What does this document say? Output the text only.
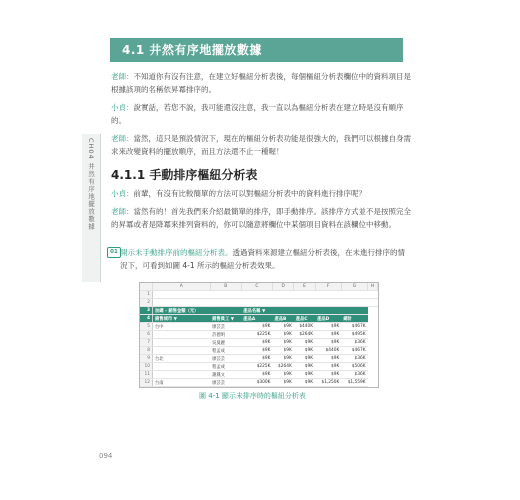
4.1 井然有序地擺放數據
CH04 井然有序地擺放數據
老師：不知道你有沒有注意，在建立好樞紐分析表後，每個樞紐分析表欄位中的資料項目是根據該項的名稱依昇冪排序的。
小貞：說實話，若您不說，我可能還沒注意，我一直以為樞紐分析表在建立時是沒有順序的。
老師：當然，這只是預設情況下，現在的樞紐分析表功能是很強大的，我們可以根據自身需求來改變資料的擺放順序，而且方法還不止一種喔！
4.1.1 手動排序樞紐分析表
小貞：前輩，有沒有比較簡單的方法可以對樞紐分析表中的資料進行排序呢？
老師：當然有的！首先我們來介紹最簡單的排序，即手動排序。該排序方式並不是按照完全的昇冪或者是降冪來排列資料的，你可以隨意將欄位中某個項目資料在該欄位中移動。
01 開示未手動排序前的樞紐分析表。透過資料來源建立樞紐分析表後，在未進行排序的情況下，可看到如圖 4-1 所示的樞紐分析表效果。
	A	B	C	D	E	F	G	H
1								
2								
3	加總 - 銷售金額（元）		產品名稱 ▼					
4	銷售城市 ▼	銷售員工 ▼	產品A	產品B	產品C	產品D	總計	
5	台中	廖芸芸	$9K	$9K	$440K	$9K	$467K	
6		許德明	$225K	$9K	$264K	$9K	$495K	
7		吳曼麗	$9K	$9K	$9K	$9K	$36K	
8		程孟成	$9K	$9K	$9K	$440K	$467K	
9	台北	廖芸芸	$9K	$9K	$9K	$9K	$36K	
10		程孟成	$225K	$264K	$9K	$9K	$506K	
11		謝鳳文	$9K	$9K	$9K	$9K	$36K	
12	台南	廖芸芸	$300K	$9K	$9K	$1,250K	$1,559K	

圖 4-1 顯示未排序時的樞紐分析表
094
